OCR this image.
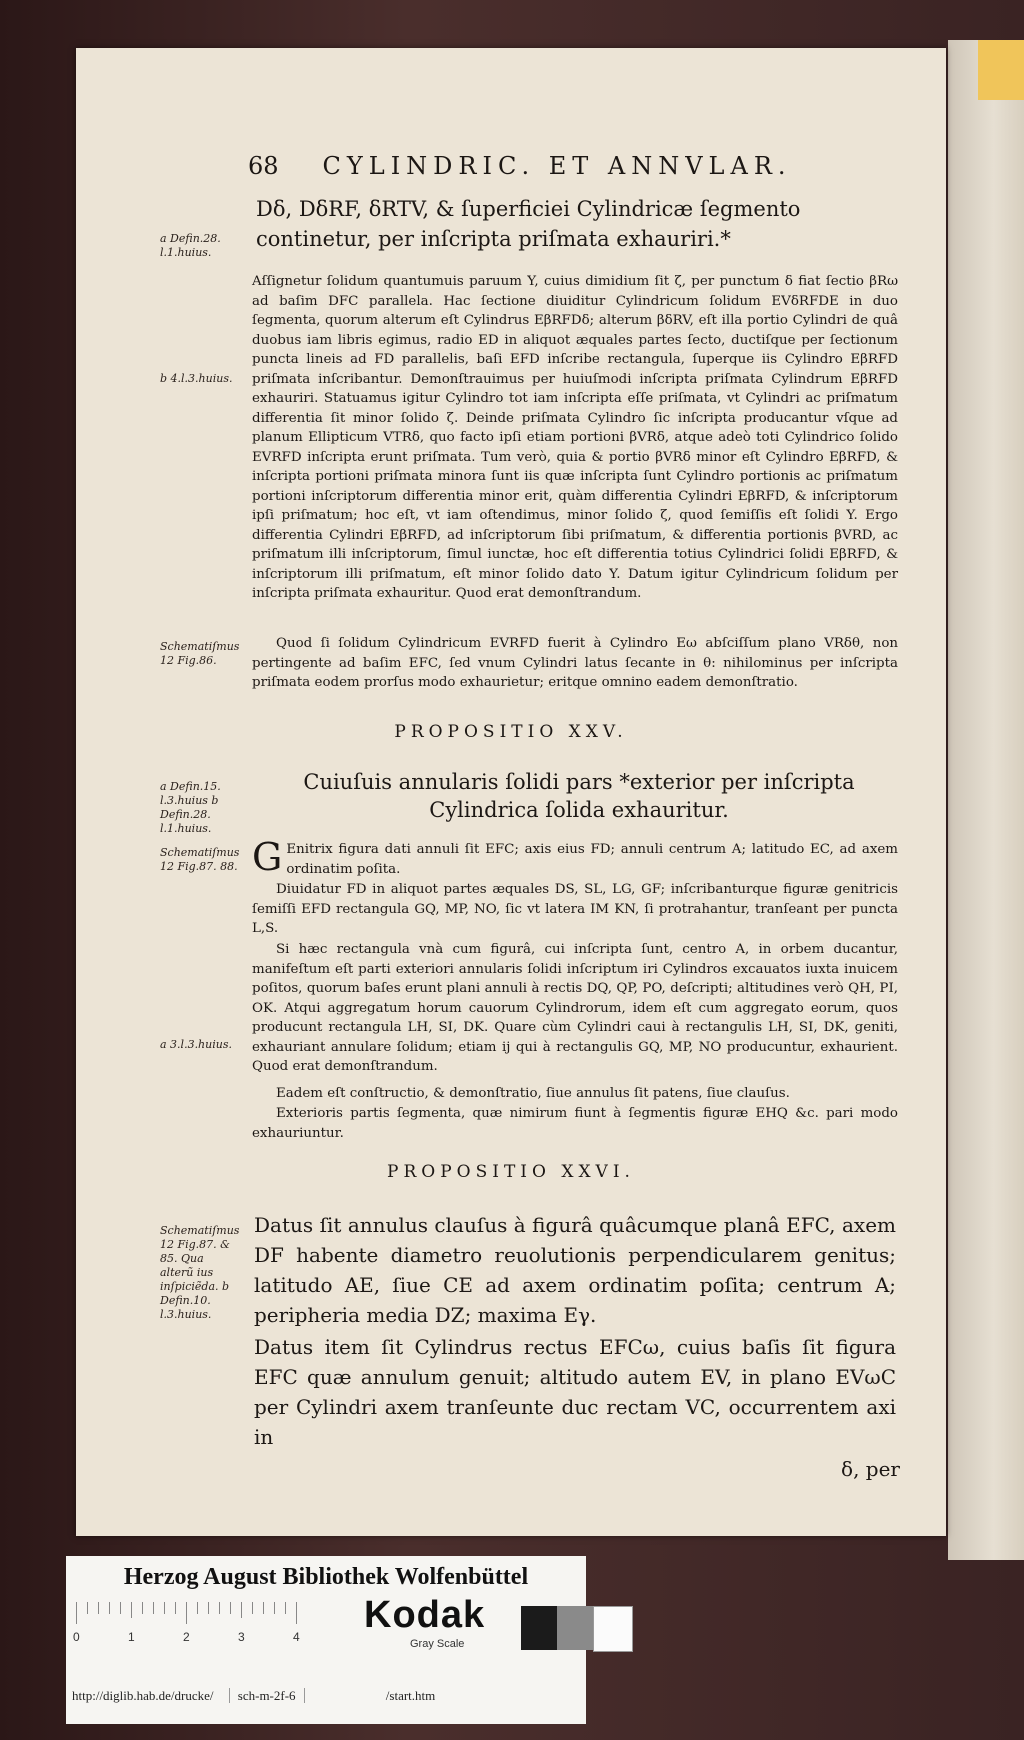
68 CYLINDRIC. ET ANNVLAR.
Dδ, DδRF, δRTV, & ſuperficiei Cylindricæ ſegmento continetur, per inſcripta priſmata exhauriri.*
a Defin.28. l.1.huius.
b 4.l.3.huius.
Schematiſmus 12 Fig.86.
a Defin.15. l.3.huius b Defin.28. l.1.huius.
Schematiſmus 12 Fig.87. 88.
a 3.l.3.huius.
Schematiſmus 12 Fig.87. & 85. Qua alterũ ius inſpiciẽda. b Defin.10. l.3.huius.
Aſſignetur ſolidum quantumuis paruum Y, cuius dimidium ſit ζ, per punctum δ fiat ſectio βRω ad baſim DFC parallela. Hac ſectione diuiditur Cylindricum ſolidum EVδRFDE in duo ſegmenta, quorum alterum eſt Cylindrus EβRFDδ; alterum βδRV, eſt illa portio Cylindri de quâ duobus iam libris egimus, radio ED in aliquot æquales partes ſecto, ductiſque per ſectionum puncta lineis ad FD parallelis, baſi EFD inſcribe rectangula, ſuperque iis Cylindro EβRFD priſmata inſcribantur. Demonſtrauimus per huiuſmodi inſcripta priſmata Cylindrum EβRFD exhauriri. Statuamus igitur Cylindro tot iam inſcripta eſſe priſmata, vt Cylindri ac priſmatum differentia ſit minor ſolido ζ. Deinde priſmata Cylindro ſic inſcripta producantur vſque ad planum Ellipticum VTRδ, quo facto ipſi etiam portioni βVRδ, atque adeò toti Cylindrico ſolido EVRFD inſcripta erunt priſmata. Tum verò, quia & portio βVRδ minor eſt Cylindro EβRFD, & inſcripta portioni priſmata minora ſunt iis quæ inſcripta ſunt Cylindro portionis ac priſmatum portioni inſcriptorum differentia minor erit, quàm differentia Cylindri EβRFD, & inſcriptorum ipſi priſmatum; hoc eſt, vt iam oſtendimus, minor ſolido ζ, quod ſemiſſis eſt ſolidi Y. Ergo differentia Cylindri EβRFD, ad inſcriptorum ſibi priſmatum, & differentia portionis βVRD, ac priſmatum illi inſcriptorum, ſimul iunctæ, hoc eſt differentia totius Cylindrici ſolidi EβRFD, & inſcriptorum illi priſmatum, eſt minor ſolido dato Y. Datum igitur Cylindricum ſolidum per inſcripta priſmata exhauritur. Quod erat demonſtrandum.
Quod ſi ſolidum Cylindricum EVRFD fuerit à Cylindro Eω abſciſſum plano VRδθ, non pertingente ad baſim EFC, ſed vnum Cylindri latus ſecante in θ: nihilominus per inſcripta priſmata eodem prorſus modo exhaurietur; eritque omnino eadem demonſtratio.
PROPOSITIO XXV.
Cuiuſuis annularis ſolidi pars *exterior per inſcripta Cylindrica ſolida exhauritur.
G Enitrix figura dati annuli ſit EFC; axis eius FD; annuli centrum A; latitudo EC, ad axem ordinatim poſita.
Diuidatur FD in aliquot partes æquales DS, SL, LG, GF; inſcribanturque figuræ genitricis ſemiſſi EFD rectangula GQ, MP, NO, ſic vt latera IM KN, ſi protrahantur, tranſeant per puncta L,S.
Si hæc rectangula vnà cum figurâ, cui inſcripta ſunt, centro A, in orbem ducantur, manifeſtum eſt parti exteriori annularis ſolidi inſcriptum iri Cylindros excauatos iuxta inuicem poſitos, quorum baſes erunt plani annuli à rectis DQ, QP, PO, deſcripti; altitudines verò QH, PI, OK. Atqui aggregatum horum cauorum Cylindrorum, idem eſt cum aggregato eorum, quos producunt rectangula LH, SI, DK. Quare cùm Cylindri caui à rectangulis LH, SI, DK, geniti, exhauriant annulare ſolidum; etiam ij qui à rectangulis GQ, MP, NO producuntur, exhaurient. Quod erat demonſtrandum.
Eadem eſt conſtructio, & demonſtratio, ſiue annulus ſit patens, ſiue clauſus.
Exterioris partis ſegmenta, quæ nimirum fiunt à ſegmentis figuræ EHQ &c. pari modo exhauriuntur.
PROPOSITIO XXVI.
Datus ſit annulus clauſus à figurâ quâcumque planâ EFC, axem DF habente diametro reuolutionis perpendicularem genitus; latitudo AE, ſiue CE ad axem ordinatim poſita; centrum A; peripheria media DZ; maxima Eγ.
Datus item ſit Cylindrus rectus EFCω, cuius baſis ſit figura EFC quæ annulum genuit; altitudo autem EV, in plano EVωC per Cylindri axem tranſeunte duc rectam VC, occurrentem axi in
δ, per
Herzog August Bibliothek Wolfenbüttel
0	1	2	3	4
Kodak
Gray Scale
http://diglib.hab.de/drucke/ sch-m-2f-6	/start.htm
